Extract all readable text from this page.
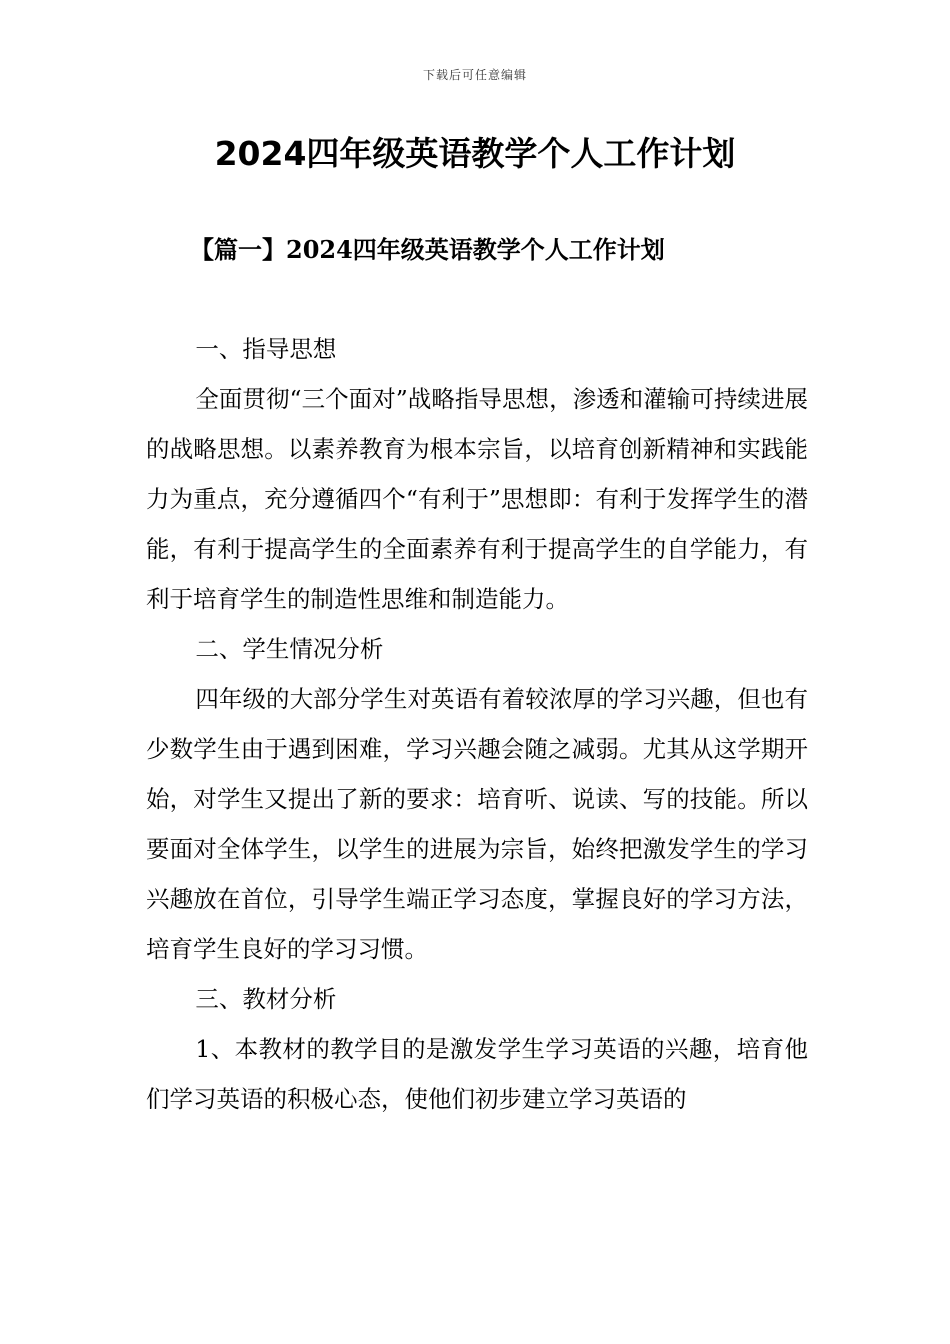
下载后可任意编辑
2024四年级英语教学个人工作计划
【篇一】2024四年级英语教学个人工作计划

一、指导思想

全面贯彻“三个面对”战略指导思想，渗透和灌输可持续进展的战略思想。以素养教育为根本宗旨，以培育创新精神和实践能力为重点，充分遵循四个“有利于”思想即：有利于发挥学生的潜能，有利于提高学生的全面素养有利于提高学生的自学能力，有利于培育学生的制造性思维和制造能力。

二、学生情况分析

四年级的大部分学生对英语有着较浓厚的学习兴趣，但也有少数学生由于遇到困难，学习兴趣会随之减弱。尤其从这学期开始，对学生又提出了新的要求：培育听、说读、写的技能。所以要面对全体学生，以学生的进展为宗旨，始终把激发学生的学习兴趣放在首位，引导学生端正学习态度，掌握良好的学习方法，培育学生良好的学习习惯。

三、教材分析

1、本教材的教学目的是激发学生学习英语的兴趣，培育他们学习英语的积极心态，使他们初步建立学习英语的
